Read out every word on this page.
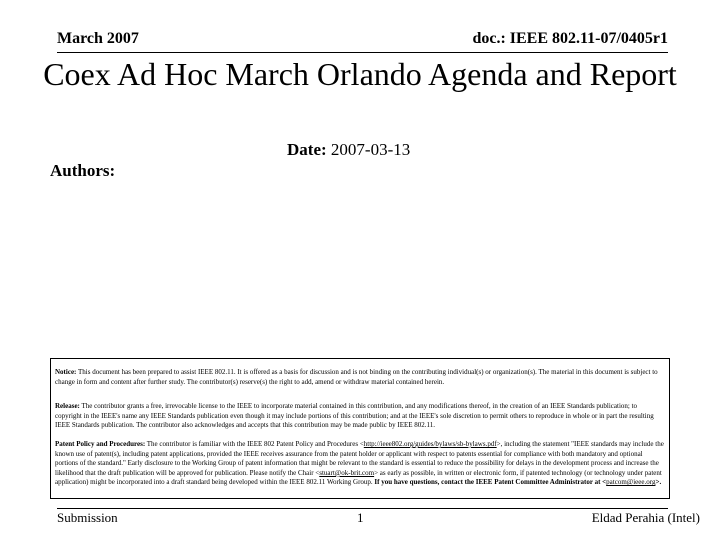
March 2007	doc.: IEEE 802.11-07/0405r1
Coex Ad Hoc March Orlando Agenda and Report
Date: 2007-03-13
Authors:
Notice: This document has been prepared to assist IEEE 802.11. It is offered as a basis for discussion and is not binding on the contributing individual(s) or organization(s). The material in this document is subject to change in form and content after further study. The contributor(s) reserve(s) the right to add, amend or withdraw material contained herein.
Release: The contributor grants a free, irrevocable license to the IEEE to incorporate material contained in this contribution, and any modifications thereof, in the creation of an IEEE Standards publication; to copyright in the IEEE's name any IEEE Standards publication even though it may include portions of this contribution; and at the IEEE's sole discretion to permit others to reproduce in whole or in part the resulting IEEE Standards publication. The contributor also acknowledges and accepts that this contribution may be made public by IEEE 802.11.
Patent Policy and Procedures: The contributor is familiar with the IEEE 802 Patent Policy and Procedures <http://ieee802.org/guides/bylaws/sb-bylaws.pdf>, including the statement "IEEE standards may include the known use of patent(s), including patent applications, provided the IEEE receives assurance from the patent holder or applicant with respect to patents essential for compliance with both mandatory and optional portions of the standard." Early disclosure to the Working Group of patent information that might be relevant to the standard is essential to reduce the possibility for delays in the development process and increase the likelihood that the draft publication will be approved for publication. Please notify the Chair <stuart@ok-brit.com> as early as possible, in written or electronic form, if patented technology (or technology under patent application) might be incorporated into a draft standard being developed within the IEEE 802.11 Working Group. If you have questions, contact the IEEE Patent Committee Administrator at <patcom@ieee.org>.
Submission	1	Eldad Perahia (Intel)
